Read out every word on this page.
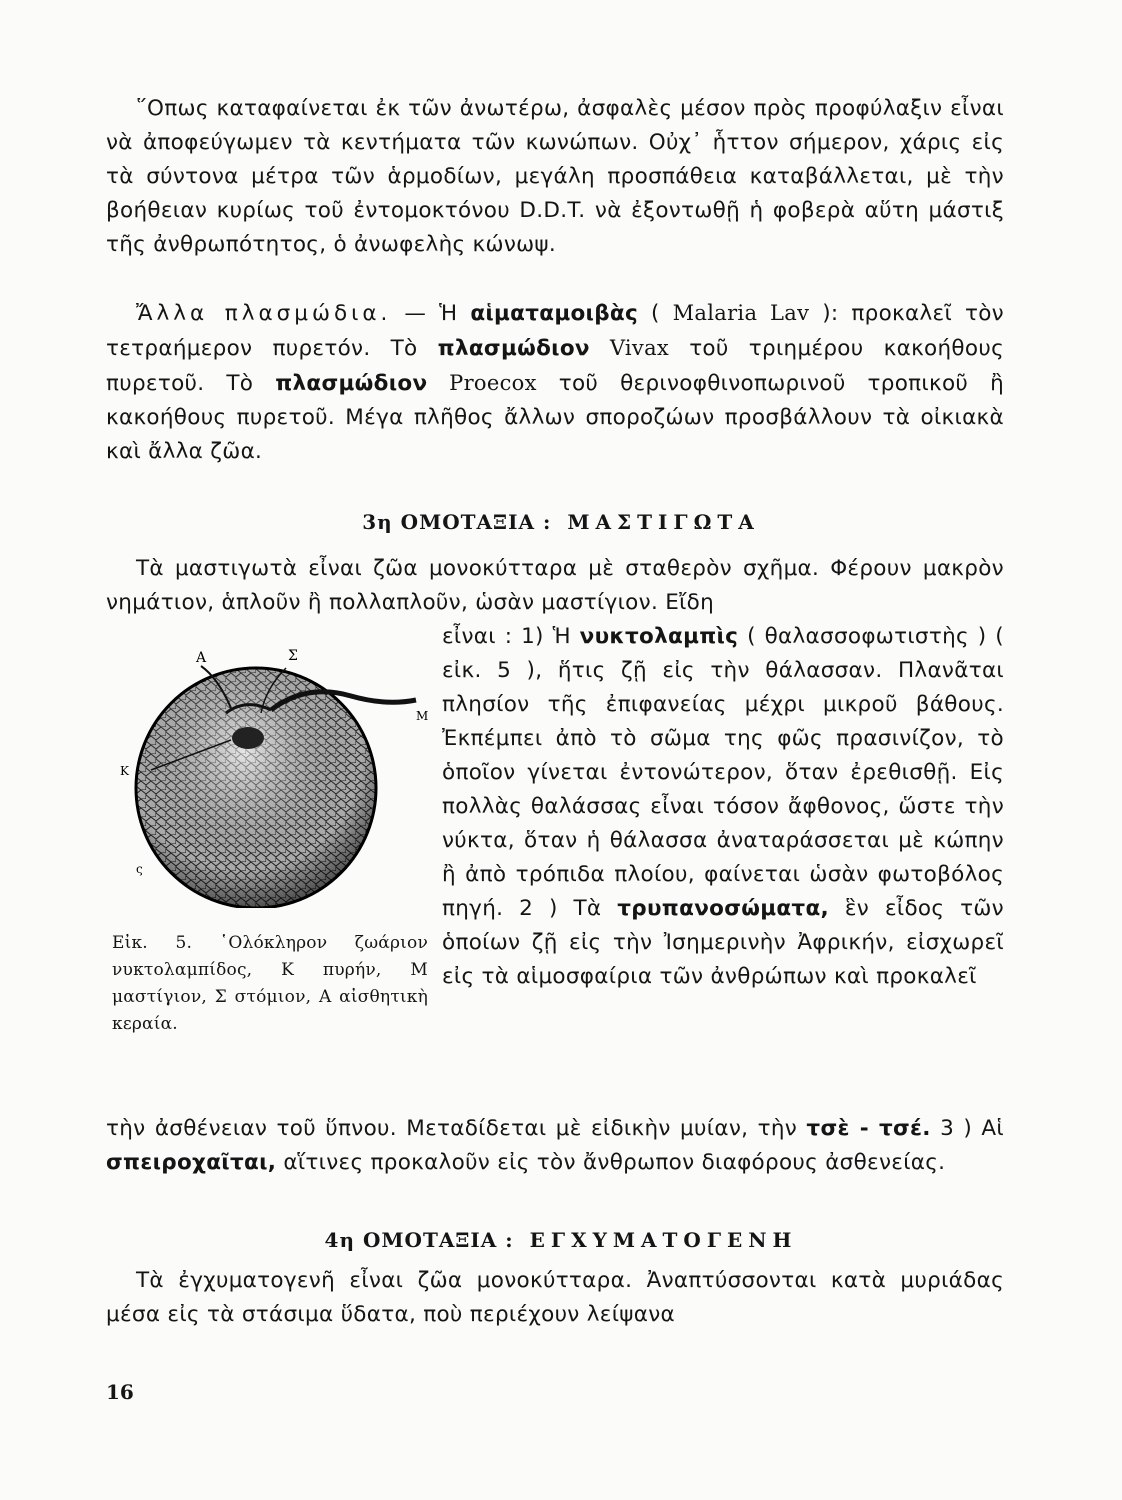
῞Οπως καταφαίνεται ἐκ τῶν ἀνωτέρω, ἀσφαλὲς μέσον πρὸς προφύλαξιν εἶναι νὰ ἀποφεύγωμεν τὰ κεντήματα τῶν κωνώπων. Οὐχ᾽ ἧττον σήμερον, χάρις εἰς τὰ σύντονα μέτρα τῶν ἁρμοδίων, μεγάλη προσπάθεια καταβάλλεται, μὲ τὴν βοήθειαν κυρίως τοῦ ἐντομοκτόνου D.D.T. νὰ ἐξοντωθῇ ἡ φοβερὰ αὕτη μάστιξ τῆς ἀνθρωπότητος, ὁ ἀνωφελὴς κώνωψ.

Ἄλλα πλασμώδια. — Ἡ αἱματαμοιβὰς ( Malaria Lav ): προκαλεῖ τὸν τετραήμερον πυρετόν. Τὸ πλασμώδιον Vivax τοῦ τριημέρου κακοήθους πυρετοῦ. Τὸ πλασμώδιον Proecox τοῦ θερινοφθινοπωρινοῦ τροπικοῦ ἢ κακοήθους πυρετοῦ. Μέγα πλῆθος ἄλλων σποροζώων προσβάλλουν τὰ οἰκιακὰ καὶ ἄλλα ζῶα.

3η ΟΜΟΤΑΞΙΑ : ΜΑΣΤΙΓΩΤΑ

Τὰ μαστιγωτὰ εἶναι ζῶα μονοκύτταρα μὲ σταθερὸν σχῆμα. Φέρουν μακρὸν νημάτιον, ἁπλοῦν ἢ πολλαπλοῦν, ὡσὰν μαστίγιον. Εἴδη

Α	Σ
Μ
Κ
ς

Εἰκ. 5. ῾Ολόκληρον ζωάριον νυκτολαμπίδος, Κ πυρήν, Μ μαστίγιον, Σ στόμιον, Α αἰσθητικὴ κεραία.

εἶναι : 1) Ἡ νυκτολαμπὶς ( θαλασσοφωτιστὴς ) ( εἰκ. 5 ), ἥτις ζῇ εἰς τὴν θάλασσαν. Πλανᾶται πλησίον τῆς ἐπιφανείας μέχρι μικροῦ βάθους. Ἐκπέμπει ἀπὸ τὸ σῶμα της φῶς πρασινίζον, τὸ ὁποῖον γίνεται ἐντονώτερον, ὅταν ἐρεθισθῇ. Εἰς πολλὰς θαλάσσας εἶναι τόσον ἄφθονος, ὥστε τὴν νύκτα, ὅταν ἡ θάλασσα ἀναταράσσεται μὲ κώπην ἢ ἀπὸ τρόπιδα πλοίου, φαίνεται ὡσὰν φωτοβόλος πηγή. 2 ) Τὰ τρυπανοσώματα, ἓν εἶδος τῶν ὁποίων ζῇ εἰς τὴν Ἰσημερινὴν Ἀφρικήν, εἰσχωρεῖ εἰς τὰ αἱμοσφαίρια τῶν ἀνθρώπων καὶ προκαλεῖ

τὴν ἀσθένειαν τοῦ ὕπνου. Μεταδίδεται μὲ εἰδικὴν μυίαν, τὴν τσὲ - τσέ. 3 ) Αἱ σπειροχαῖται, αἵτινες προκαλοῦν εἰς τὸν ἄνθρωπον διαφόρους ἀσθενείας.

4η ΟΜΟΤΑΞΙΑ : ΕΓΧΥΜΑΤΟΓΕΝΗ

Τὰ ἐγχυματογενῆ εἶναι ζῶα μονοκύτταρα. Ἀναπτύσσονται κατὰ μυριάδας μέσα εἰς τὰ στάσιμα ὕδατα, ποὺ περιέχουν λείψανα

16
